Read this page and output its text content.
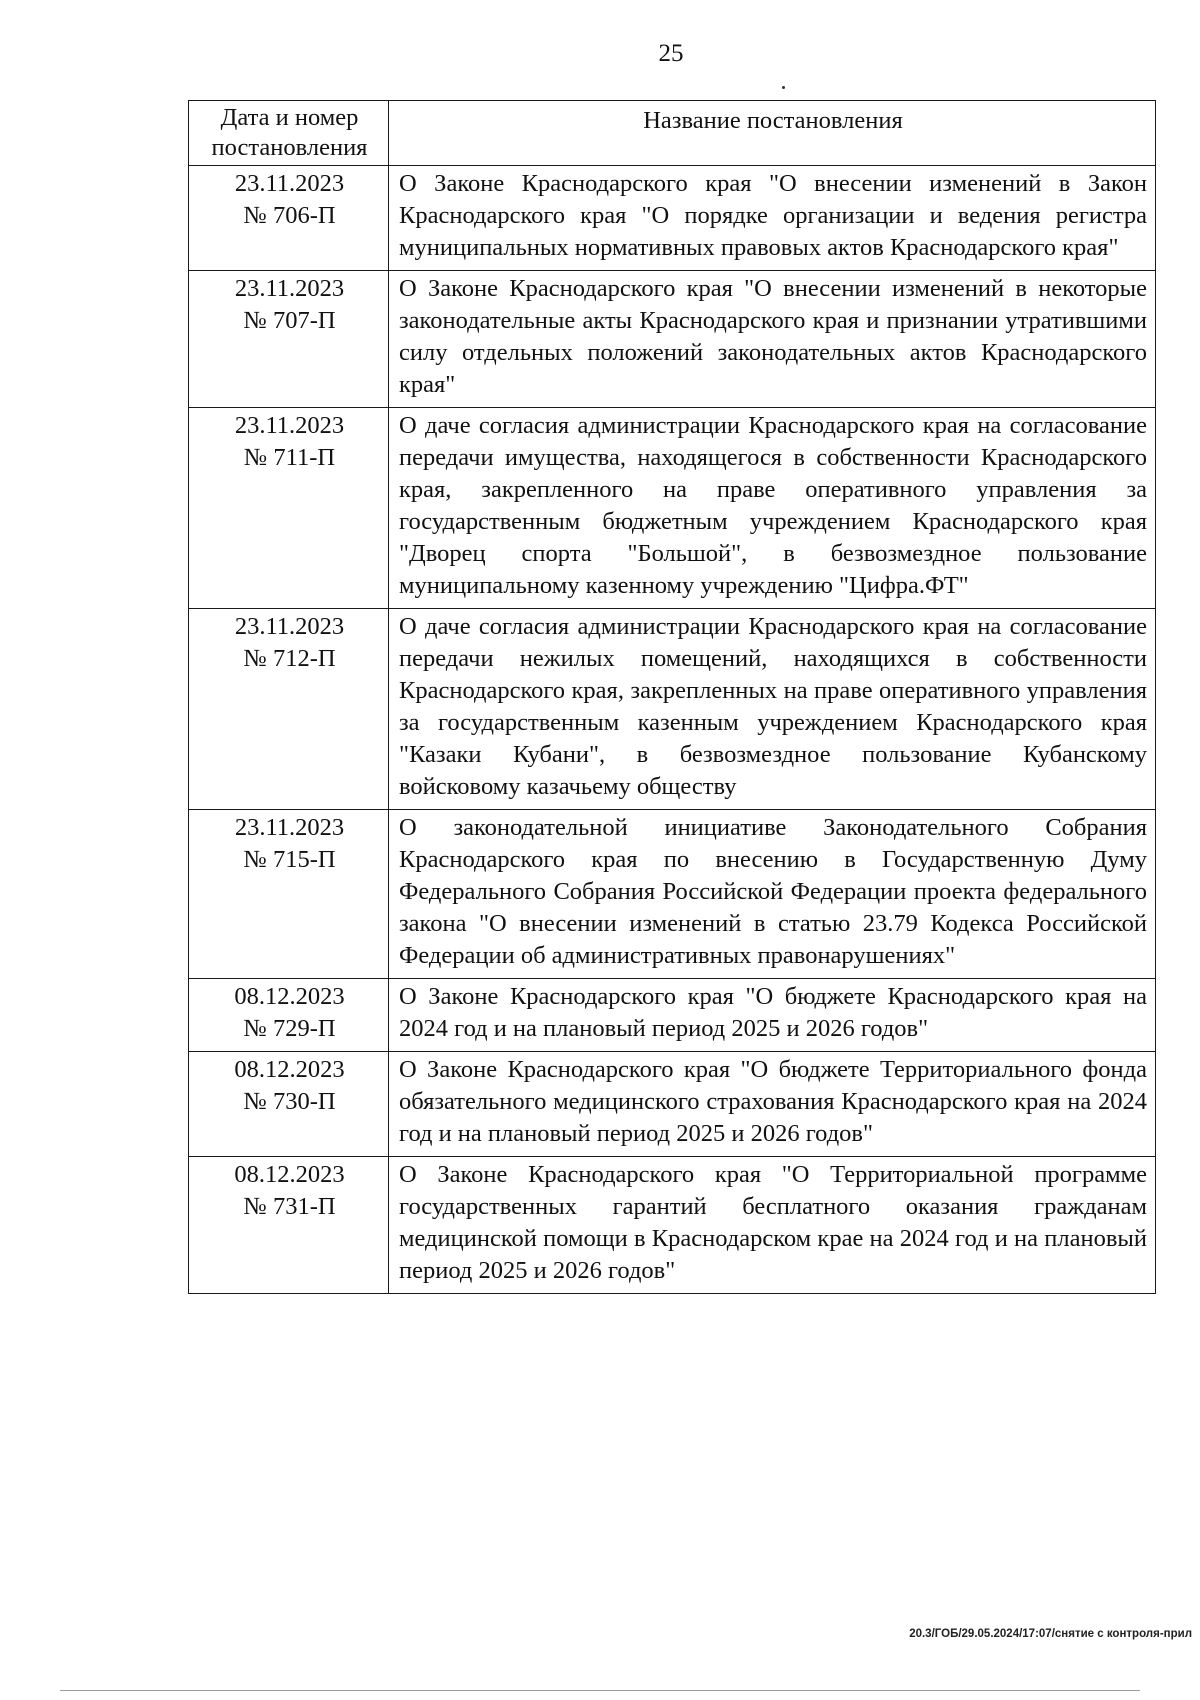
25
Дата и номер постановления	Название постановления

23.11.2023
№ 706-П	О Законе Краснодарского края "О внесении изменений в Закон Краснодарского края "О порядке организации и ведения регистра муниципальных нормативных правовых актов Краснодарского края"

23.11.2023
№ 707-П	О Законе Краснодарского края "О внесении изменений в некоторые законодательные акты Краснодарского края и признании утратившими силу отдельных положений законодательных актов Краснодарского края"

23.11.2023
№ 711-П	О даче согласия администрации Краснодарского края на согласование передачи имущества, находящегося в собственности Краснодарского края, закрепленного на праве оперативного управления за государственным бюджетным учреждением Краснодарского края "Дворец спорта "Большой", в безвозмездное пользование муниципальному казенному учреждению "Цифра.ФТ"

23.11.2023
№ 712-П	О даче согласия администрации Краснодарского края на согласование передачи нежилых помещений, находящихся в собственности Краснодарского края, закрепленных на праве оперативного управления за государственным казенным учреждением Краснодарского края "Казаки Кубани", в безвозмездное пользование Кубанскому войсковому казачьему обществу

23.11.2023
№ 715-П	О законодательной инициативе Законодательного Собрания Краснодарского края по внесению в Государственную Думу Федерального Собрания Российской Федерации проекта федерального закона "О внесении изменений в статью 23.79 Кодекса Российской Федерации об административных правонарушениях"

08.12.2023
№ 729-П	О Законе Краснодарского края "О бюджете Краснодарского края на 2024 год и на плановый период 2025 и 2026 годов"

08.12.2023
№ 730-П	О Законе Краснодарского края "О бюджете Территориального фонда обязательного медицинского страхования Краснодарского края на 2024 год и на плановый период 2025 и 2026 годов"

08.12.2023
№ 731-П	О Законе Краснодарского края "О Территориальной программе государственных гарантий бесплатного оказания гражданам медицинской помощи в Краснодарском крае на 2024 год и на плановый период 2025 и 2026 годов"
20.3/ГОБ/29.05.2024/17:07/снятие с контроля-прил
